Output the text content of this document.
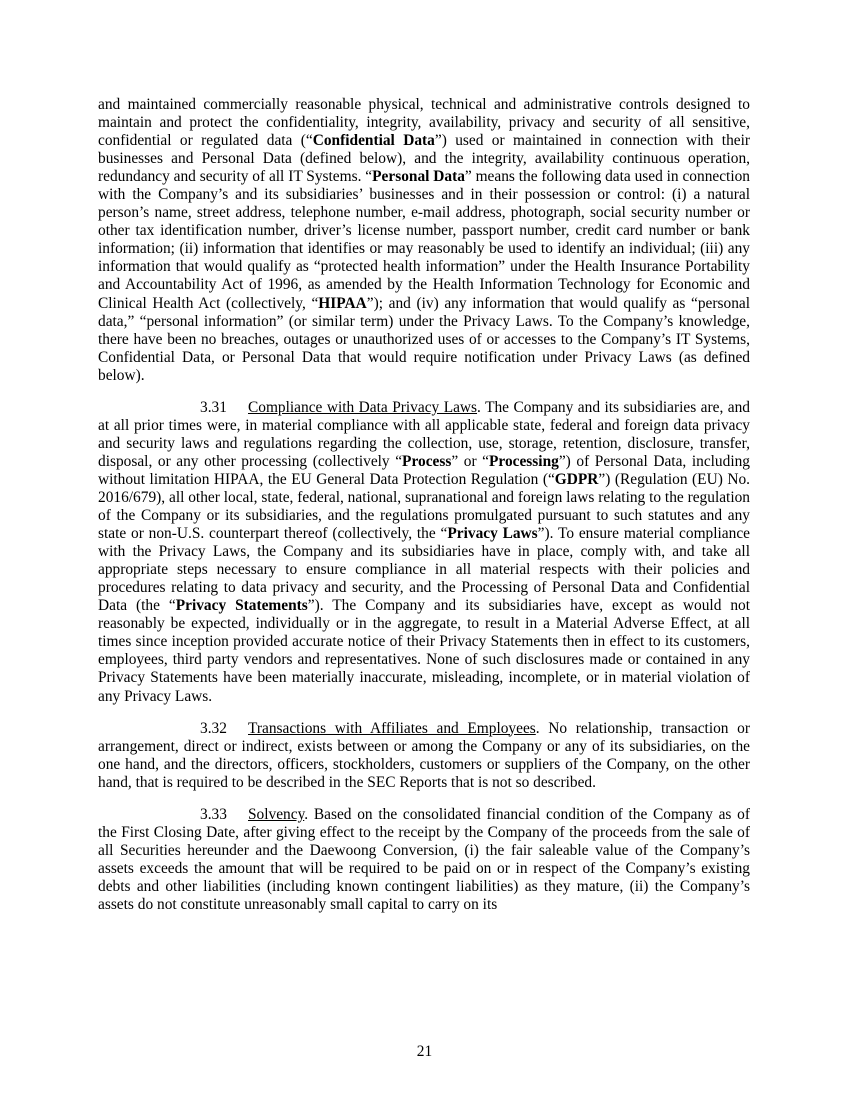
and maintained commercially reasonable physical, technical and administrative controls designed to maintain and protect the confidentiality, integrity, availability, privacy and security of all sensitive, confidential or regulated data (“Confidential Data”) used or maintained in connection with their businesses and Personal Data (defined below), and the integrity, availability continuous operation, redundancy and security of all IT Systems. “Personal Data” means the following data used in connection with the Company’s and its subsidiaries’ businesses and in their possession or control: (i) a natural person’s name, street address, telephone number, e-mail address, photograph, social security number or other tax identification number, driver’s license number, passport number, credit card number or bank information; (ii) information that identifies or may reasonably be used to identify an individual; (iii) any information that would qualify as “protected health information” under the Health Insurance Portability and Accountability Act of 1996, as amended by the Health Information Technology for Economic and Clinical Health Act (collectively, “HIPAA”); and (iv) any information that would qualify as “personal data,” “personal information” (or similar term) under the Privacy Laws. To the Company’s knowledge, there have been no breaches, outages or unauthorized uses of or accesses to the Company’s IT Systems, Confidential Data, or Personal Data that would require notification under Privacy Laws (as defined below).

3.31 Compliance with Data Privacy Laws. The Company and its subsidiaries are, and at all prior times were, in material compliance with all applicable state, federal and foreign data privacy and security laws and regulations regarding the collection, use, storage, retention, disclosure, transfer, disposal, or any other processing (collectively “Process” or “Processing”) of Personal Data, including without limitation HIPAA, the EU General Data Protection Regulation (“GDPR”) (Regulation (EU) No. 2016/679), all other local, state, federal, national, supranational and foreign laws relating to the regulation of the Company or its subsidiaries, and the regulations promulgated pursuant to such statutes and any state or non-U.S. counterpart thereof (collectively, the “Privacy Laws”). To ensure material compliance with the Privacy Laws, the Company and its subsidiaries have in place, comply with, and take all appropriate steps necessary to ensure compliance in all material respects with their policies and procedures relating to data privacy and security, and the Processing of Personal Data and Confidential Data (the “Privacy Statements”). The Company and its subsidiaries have, except as would not reasonably be expected, individually or in the aggregate, to result in a Material Adverse Effect, at all times since inception provided accurate notice of their Privacy Statements then in effect to its customers, employees, third party vendors and representatives. None of such disclosures made or contained in any Privacy Statements have been materially inaccurate, misleading, incomplete, or in material violation of any Privacy Laws.

3.32 Transactions with Affiliates and Employees. No relationship, transaction or arrangement, direct or indirect, exists between or among the Company or any of its subsidiaries, on the one hand, and the directors, officers, stockholders, customers or suppliers of the Company, on the other hand, that is required to be described in the SEC Reports that is not so described.

3.33 Solvency. Based on the consolidated financial condition of the Company as of the First Closing Date, after giving effect to the receipt by the Company of the proceeds from the sale of all Securities hereunder and the Daewoong Conversion, (i) the fair saleable value of the Company’s assets exceeds the amount that will be required to be paid on or in respect of the Company’s existing debts and other liabilities (including known contingent liabilities) as they mature, (ii) the Company’s assets do not constitute unreasonably small capital to carry on its

21
